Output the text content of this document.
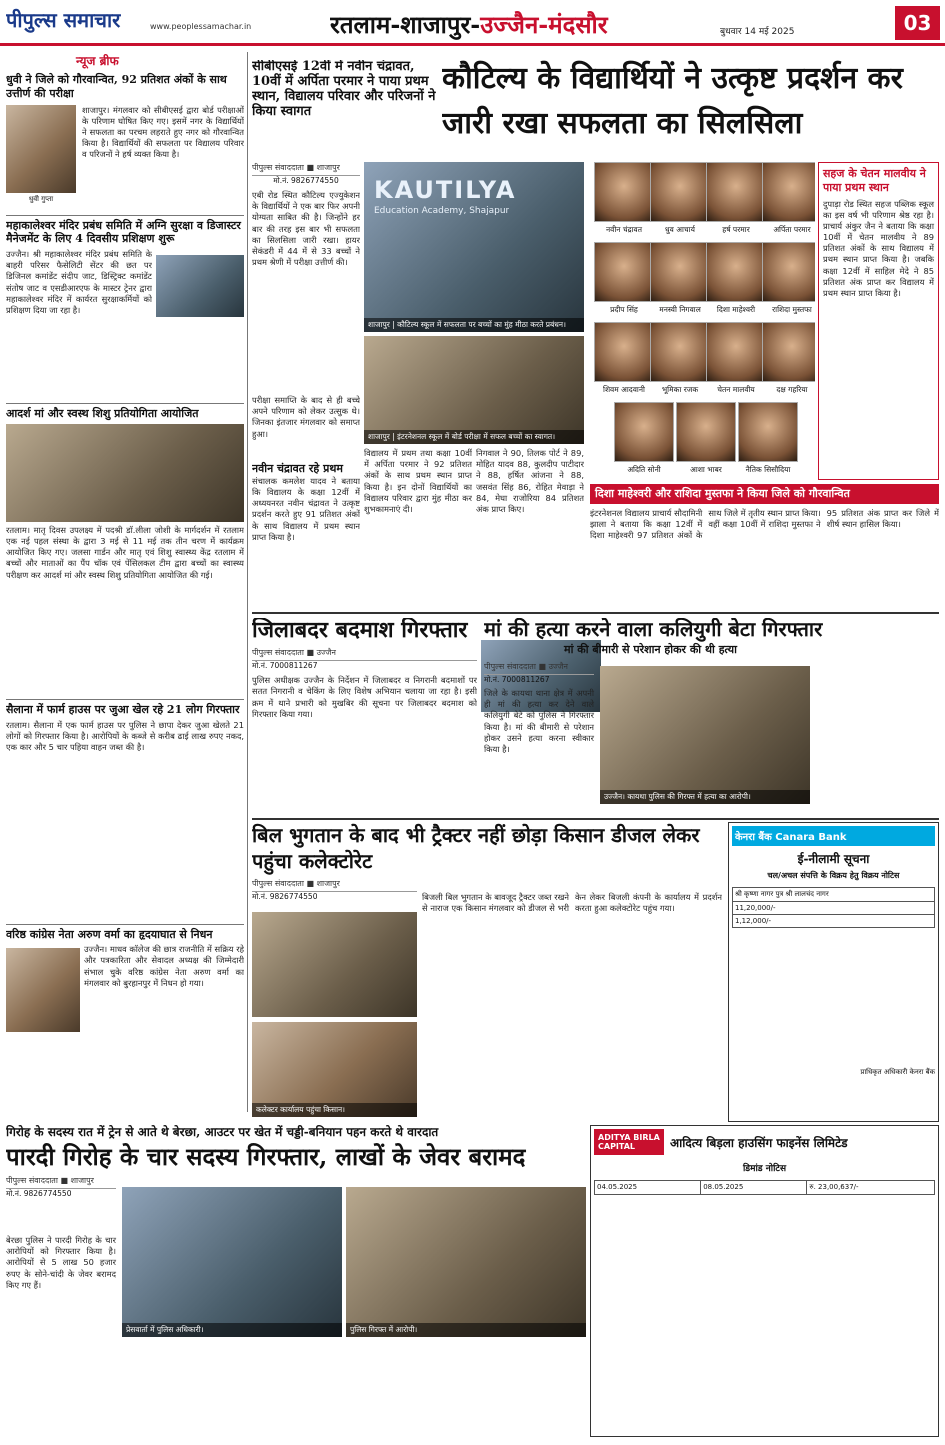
पीपुल्स समाचार	www.peoplessamachar.in	रतलाम-शाजापुर-उज्जैन-मंदसौर	बुधवार 14 मई 2025	03
न्यूज ब्रीफ
धुवी ने जिले को गौरवान्वित, 92 प्रतिशत अंकों के साथ उत्तीर्ण की परीक्षा
धुवी गुप्ता
शाजापुर। मंगलवार को सीबीएसई द्वारा बोर्ड परीक्षाओं के परिणाम घोषित किए गए। इसमें नगर के विद्यार्थियों ने सफलता का परचम लहराते हुए नगर को गौरवान्वित किया है। विद्यार्थियों की सफलता पर विद्यालय परिवार व परिजनों ने हर्ष व्यक्त किया है।
महाकालेश्वर मंदिर प्रबंध समिति में अग्नि सुरक्षा व डिजास्टर मैनेजमेंट के लिए 4 दिवसीय प्रशिक्षण शुरू
उज्जैन। श्री महाकालेश्वर मंदिर प्रबंध समिति के बाहरी परिसर फैसेलिटी सेंटर की छत पर डिजिनल कमांडेंट संदीप जाट, डिस्ट्रिक्ट कमांडेंट संतोष जाट व एसडीआरएफ के मास्टर ट्रेनर द्वारा महाकालेश्वर मंदिर में कार्यरत सुरक्षाकर्मियों को प्रशिक्षण दिया जा रहा है।
आदर्श मां और स्वस्थ शिशु प्रतियोगिता आयोजित
रतलाम। मातृ दिवस उपलक्ष्य में पदश्री डॉ.लीला जोशी के मार्गदर्शन में रतलाम एक नई पहल संस्था के द्वारा 3 मई से 11 मई तक तीन चरण में कार्यक्रम आयोजित किए गए। जलसा गार्डन और मातृ एवं शिशु स्वास्थ्य केंद्र रतलाम में बच्चों और माताओं का पैंप चॉक एवं पेंसिलकल टीम द्वारा बच्चों का स्वास्थ्य परीक्षण कर आदर्श मां और स्वस्थ शिशु प्रतियोगिता आयोजित की गई।
सैलाना में फार्म हाउस पर जुआ खेल रहे 21 लोग गिरफ्तार
रतलाम। सैलाना में एक फार्म हाउस पर पुलिस ने छापा देकर जुआ खेलते 21 लोगों को गिरफ्तार किया है। आरोपियों के कब्जे से करीब ढाई लाख रुपए नकद, एक कार और 5 चार पहिया वाहन जब्त की है।
वरिष्ठ कांग्रेस नेता अरुण वर्मा का हृदयाघात से निधन
उज्जैन। माधव कॉलेज की छात्र राजनीति में सक्रिय रहे और पत्रकारिता और सेवादल अध्यक्ष की जिम्मेदारी संभाल चुके वरिष्ठ कांग्रेस नेता अरुण वर्मा का मंगलवार को बुरहानपुर में निधन हो गया।
सीबीएसई 12वीं में नवीन चंद्रावत, 10वीं में अर्पिता परमार ने पाया प्रथम स्थान, विद्यालय परिवार और परिजनों ने किया स्वागत
कौटिल्य के विद्यार्थियों ने उत्कृष्ट प्रदर्शन कर जारी रखा सफलता का सिलसिला
पीपुल्स संवाददाता ■ शाजापुर
मो.नं. 9826774550
एबी रोड स्थित कौटिल्य एज्युकेशन के विद्यार्थियों ने एक बार फिर अपनी योग्यता साबित की है। जिन्होंने हर बार की तरह इस बार भी सफलता का सिलसिला जारी रखा। हायर सेकंडरी में 44 में से 33 बच्चों ने प्रथम श्रेणी में परीक्षा उत्तीर्ण की।
परीक्षा समाप्ति के बाद से ही बच्चे अपने परिणाम को लेकर उत्सुक थे। जिनका इंतजार मंगलवार को समाप्त हुआ।
नवीन चंद्रावत रहे प्रथम
संचालक कमलेश यादव ने बताया कि विद्यालय के कक्षा 12वीं में अध्ययनरत नवीन चंद्रावत ने उत्कृष्ट प्रदर्शन करते हुए 91 प्रतिशत अंकों के साथ विद्यालय में प्रथम स्थान प्राप्त किया है।
KAUTILYA
Education Academy, Shajapur
शाजापुर | कौटिल्य स्कूल में सफलता पर बच्चों का मुंह मीठा करते प्रबंधन।
शाजापुर | इंटरनेशनल स्कूल में बोर्ड परीक्षा में सफल बच्चों का स्वागत।
विद्यालय में प्रथम तथा कक्षा 10वीं में अर्पिता परमार ने 92 प्रतिशत अंकों के साथ प्रथम स्थान प्राप्त किया है। इन दोनों विद्यार्थियों का विद्यालय परिवार द्वारा मुंह मीठा कर शुभकामनाएं दी।
निगवाल ने 90, तिलक पोर्ट ने 89, मोहित यादव 88, कुलदीप पाटीदार ने 88, हर्षित आंजना ने 88, जसवंत सिंह 86, रोहित मेवाड़ा ने 84, मेघा राजोरिया 84 प्रतिशत अंक प्राप्त किए।
नवीन चंद्रावत	धुव आचार्य	हर्ष परमार	अर्पिता परमार
प्रदीप सिंह	मनस्वी निगवाल	दिशा माहेश्वरी	राशिदा मुस्तफा
शिवम आदवानी	भूमिका रजक	चेतन मालवीय	दक्ष गहरिया
अदिति सोनी	आशा भाबर	नैतिक सिसौदिया
सहज के चेतन मालवीय ने पाया प्रथम स्थान
दुपाड़ा रोड स्थित सहज पब्लिक स्कूल का इस वर्ष भी परिणाम श्रेष्ठ रहा है। प्राचार्य अंकुर जैन ने बताया कि कक्षा 10वीं में चेतन मालवीय ने 89 प्रतिशत अंकों के साथ विद्यालय में प्रथम स्थान प्राप्त किया है। जबकि कक्षा 12वीं में साहिल मेदे ने 85 प्रतिशत अंक प्राप्त कर विद्यालय में प्रथम स्थान प्राप्त किया है।
दिशा माहेश्वरी और राशिदा मुस्तफा ने किया जिले को गौरवान्वित
इंटरनेशनल विद्यालय प्राचार्य सौदामिनी झाला ने बताया कि कक्षा 12वीं में दिशा माहेश्वरी 97 प्रतिशत अंकों के साथ जिले में तृतीय स्थान प्राप्त किया। वहीं कक्षा 10वीं में राशिदा मुस्तफा ने 95 प्रतिशत अंक प्राप्त कर जिले में शीर्ष स्थान हासिल किया।
जिलाबदर बदमाश गिरफ्तार
पीपुल्स संवाददाता ■ उज्जैन
मो.नं. 7000811267
पुलिस अधीक्षक उज्जैन के निर्देशन में जिलाबदर व निगरानी बदमाशों पर सतत निगरानी व चेकिंग के लिए विशेष अभियान चलाया जा रहा है। इसी क्रम में थाने प्रभारी को मुखबिर की सूचना पर जिलाबदर बदमाश को गिरफ्तार किया गया।
मां की हत्या करने वाला कलियुगी बेटा गिरफ्तार
मां की बीमारी से परेशान होकर की थी हत्या
पीपुल्स संवाददाता ■ उज्जैन
मो.नं. 7000811267
जिले के कायथा थाना क्षेत्र में अपनी ही मां की हत्या कर देने वाले कलियुगी बेटे को पुलिस ने गिरफ्तार किया है। मां की बीमारी से परेशान होकर उसने हत्या करना स्वीकार किया है।
उज्जैन। कायथा पुलिस की गिरफ्त में हत्या का आरोपी।
बिल भुगतान के बाद भी ट्रैक्टर नहीं छोड़ा किसान डीजल लेकर पहुंचा कलेक्टोरेट
पीपुल्स संवाददाता ■ शाजापुर
मो.नं. 9826774550	बिजली बिल भुगतान के बावजूद ट्रैक्टर जब्त रखने से नाराज एक किसान मंगलवार को डीजल से भरी केन लेकर बिजली कंपनी के कार्यालय में प्रदर्शन करता हुआ कलेक्टोरेट पहुंच गया।
कलेक्टर कार्यालय पहुंचा किसान।
केनरा बैंक Canara Bank
ई-नीलामी सूचना
चल/अचल संपत्ति के विक्रय हेतु विक्रय नोटिस
श्री कृष्णा नागर पुत्र श्री लालचंद नागर
11,20,000/-
1,12,000/-
प्राधिकृत अधिकारी केनरा बैंक
ADITYA BIRLA CAPITAL	आदित्य बिड़ला हाउसिंग फाइनेंस लिमिटेड
डिमांड नोटिस
04.05.2025	08.05.2025	रु. 23,00,637/-
गिरोह के सदस्य रात में ट्रेन से आते थे बेरछा, आउटर पर खेत में चड्डी-बनियान पहन करते थे वारदात
पारदी गिरोह के चार सदस्य गिरफ्तार, लाखों के जेवर बरामद
पीपुल्स संवाददाता ■ शाजापुर
मो.नं. 9826774550
बेरछा पुलिस ने पारदी गिरोह के चार आरोपियों को गिरफ्तार किया है। आरोपियों से 5 लाख 50 हजार रुपए के सोने-चांदी के जेवर बरामद किए गए हैं।
प्रेसवार्ता में पुलिस अधिकारी।	पुलिस गिरफ्त में आरोपी।
